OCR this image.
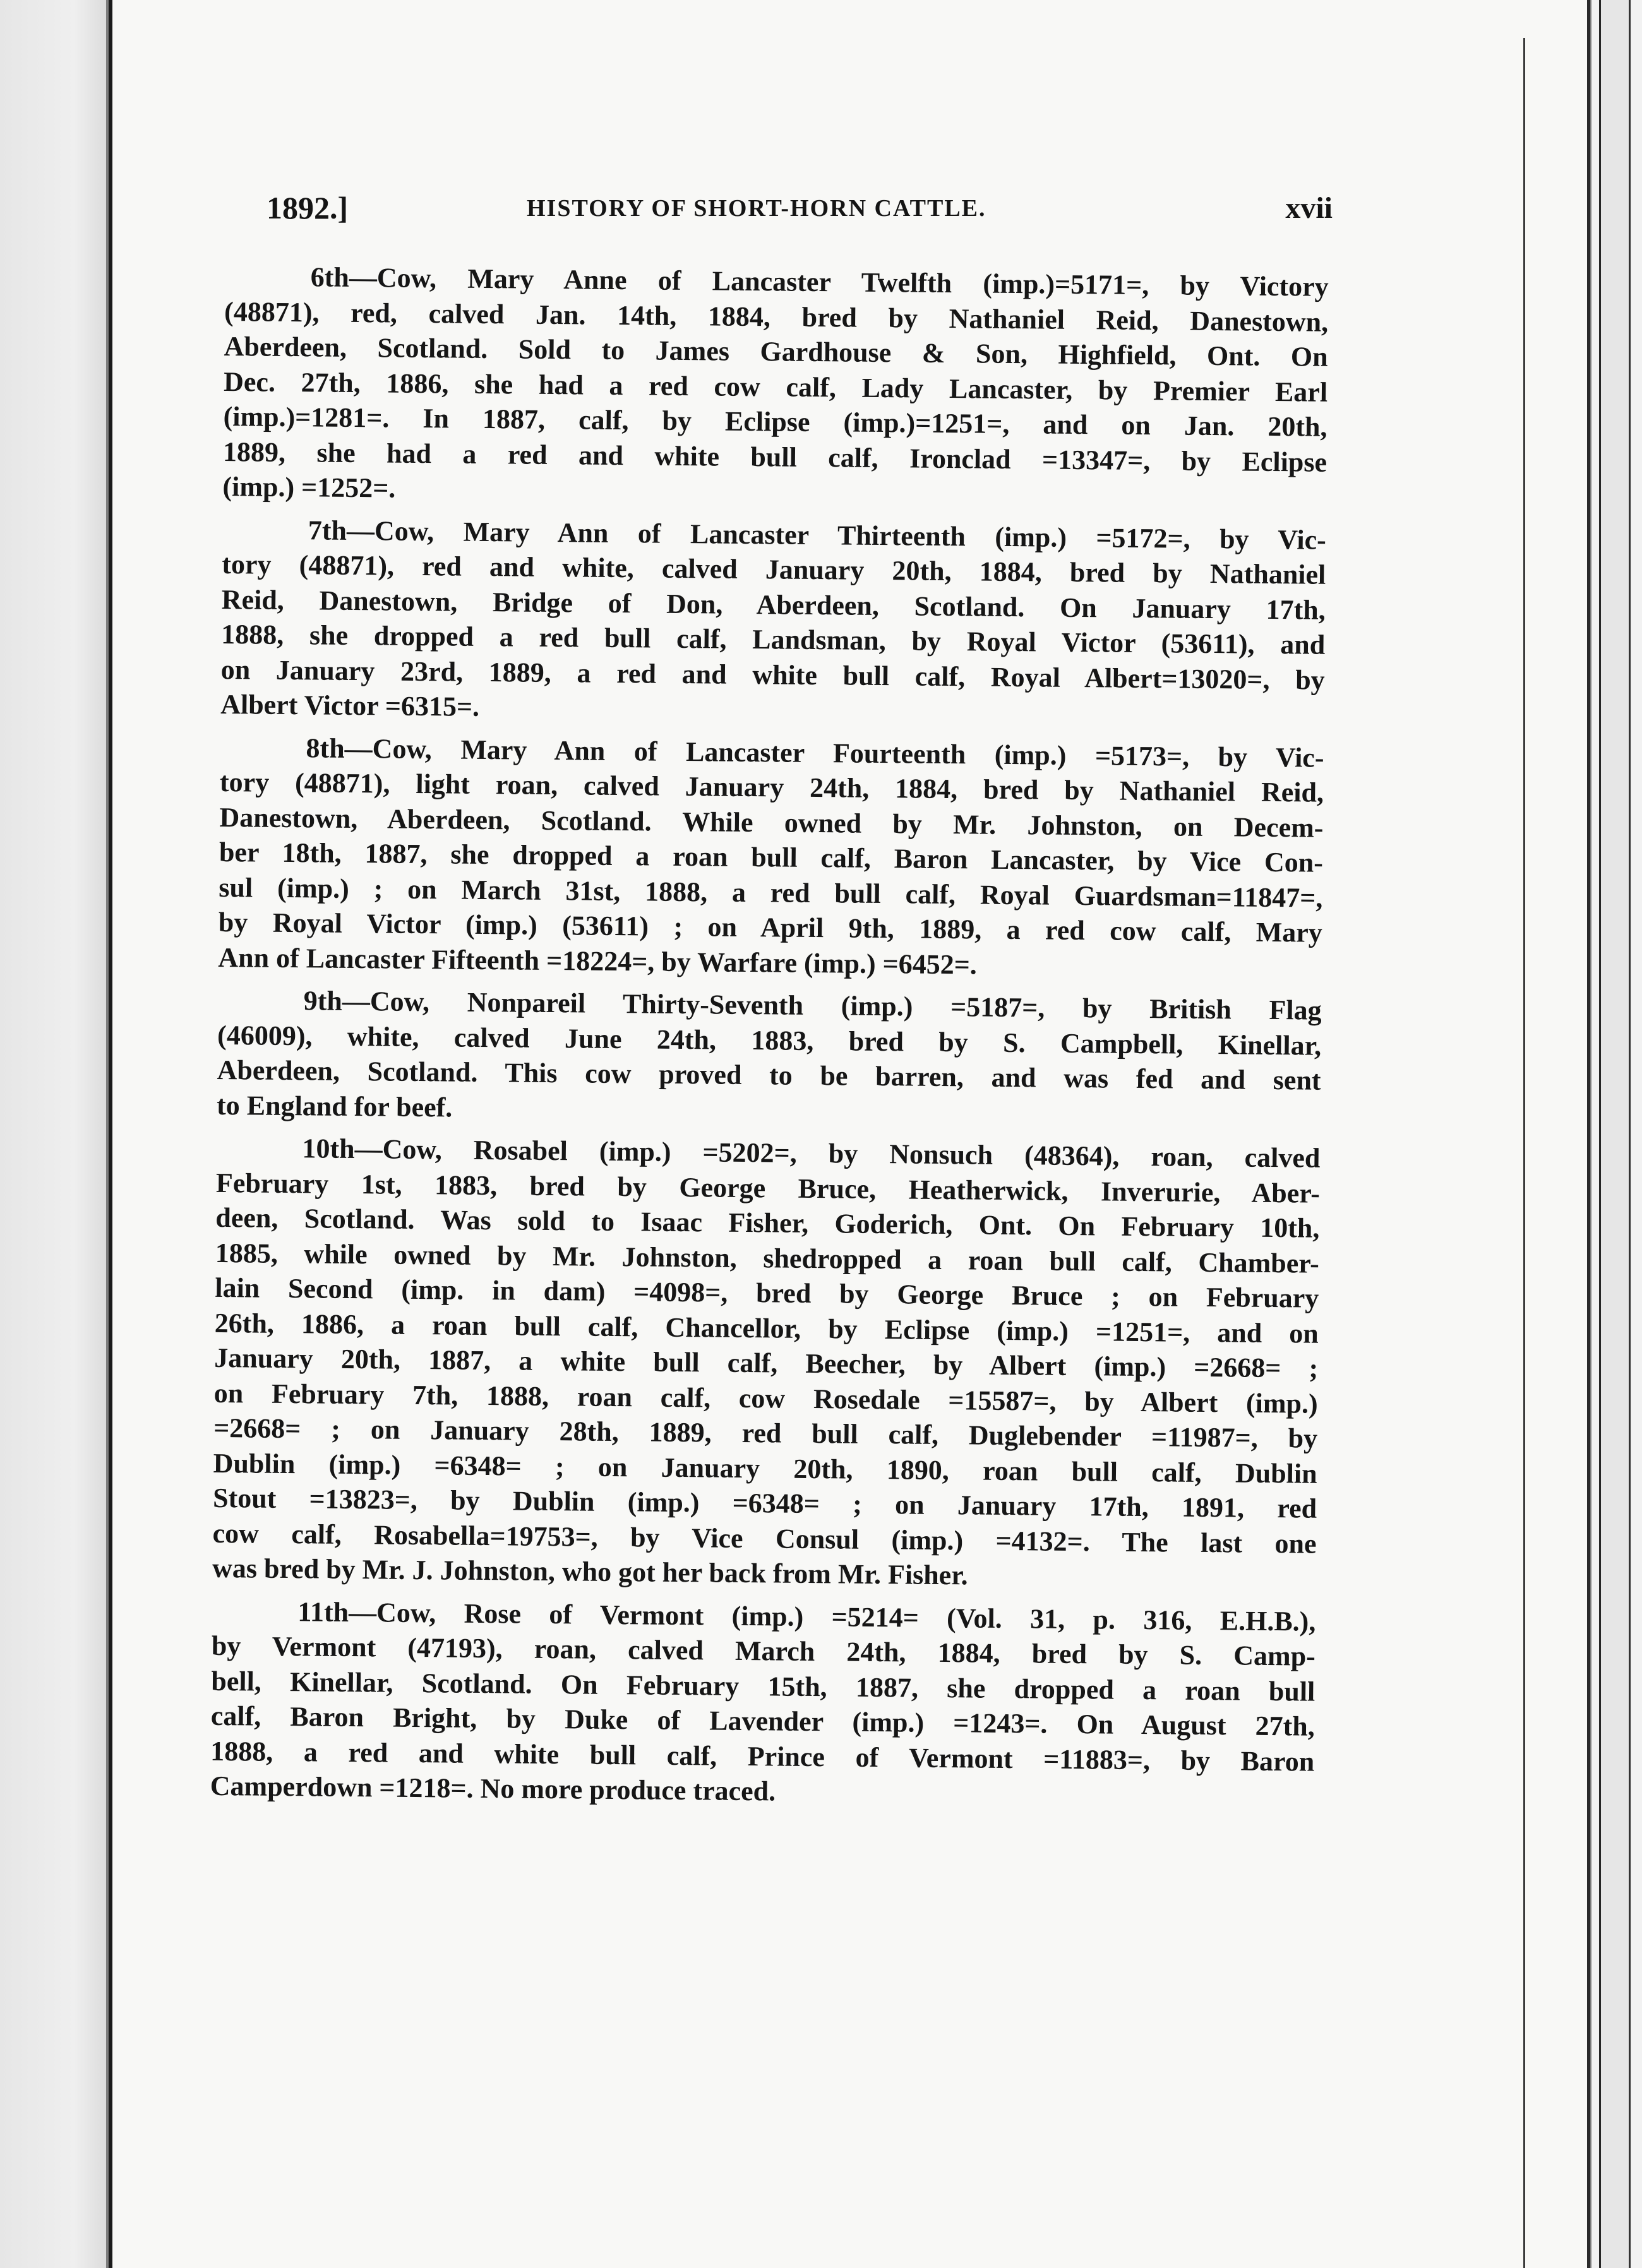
1892.]	HISTORY OF SHORT-HORN CATTLE.	xvii
6th—Cow, Mary Anne of Lancaster Twelfth (imp.)=5171=, by Victory
(48871), red, calved Jan. 14th, 1884, bred by Nathaniel Reid, Danestown,
Aberdeen, Scotland. Sold to James Gardhouse & Son, Highfield, Ont. On
Dec. 27th, 1886, she had a red cow calf, Lady Lancaster, by Premier Earl
(imp.)=1281=. In 1887, calf, by Eclipse (imp.)=1251=, and on Jan. 20th,
1889, she had a red and white bull calf, Ironclad =13347=, by Eclipse
(imp.) =1252=.
7th—Cow, Mary Ann of Lancaster Thirteenth (imp.) =5172=, by Vic-
tory (48871), red and white, calved January 20th, 1884, bred by Nathaniel
Reid, Danestown, Bridge of Don, Aberdeen, Scotland. On January 17th,
1888, she dropped a red bull calf, Landsman, by Royal Victor (53611), and
on January 23rd, 1889, a red and white bull calf, Royal Albert=13020=, by
Albert Victor =6315=.
8th—Cow, Mary Ann of Lancaster Fourteenth (imp.) =5173=, by Vic-
tory (48871), light roan, calved January 24th, 1884, bred by Nathaniel Reid,
Danestown, Aberdeen, Scotland. While owned by Mr. Johnston, on Decem-
ber 18th, 1887, she dropped a roan bull calf, Baron Lancaster, by Vice Con-
sul (imp.) ; on March 31st, 1888, a red bull calf, Royal Guardsman=11847=,
by Royal Victor (imp.) (53611) ; on April 9th, 1889, a red cow calf, Mary
Ann of Lancaster Fifteenth =18224=, by Warfare (imp.) =6452=.
9th—Cow, Nonpareil Thirty-Seventh (imp.) =5187=, by British Flag
(46009), white, calved June 24th, 1883, bred by S. Campbell, Kinellar,
Aberdeen, Scotland. This cow proved to be barren, and was fed and sent
to England for beef.
10th—Cow, Rosabel (imp.) =5202=, by Nonsuch (48364), roan, calved
February 1st, 1883, bred by George Bruce, Heatherwick, Inverurie, Aber-
deen, Scotland. Was sold to Isaac Fisher, Goderich, Ont. On February 10th,
1885, while owned by Mr. Johnston, shedropped a roan bull calf, Chamber-
lain Second (imp. in dam) =4098=, bred by George Bruce ; on February
26th, 1886, a roan bull calf, Chancellor, by Eclipse (imp.) =1251=, and on
January 20th, 1887, a white bull calf, Beecher, by Albert (imp.) =2668= ;
on February 7th, 1888, roan calf, cow Rosedale =15587=, by Albert (imp.)
=2668= ; on January 28th, 1889, red bull calf, Duglebender =11987=, by
Dublin (imp.) =6348= ; on January 20th, 1890, roan bull calf, Dublin
Stout =13823=, by Dublin (imp.) =6348= ; on January 17th, 1891, red
cow calf, Rosabella=19753=, by Vice Consul (imp.) =4132=. The last one
was bred by Mr. J. Johnston, who got her back from Mr. Fisher.
11th—Cow, Rose of Vermont (imp.) =5214= (Vol. 31, p. 316, E.H.B.),
by Vermont (47193), roan, calved March 24th, 1884, bred by S. Camp-
bell, Kinellar, Scotland. On February 15th, 1887, she dropped a roan bull
calf, Baron Bright, by Duke of Lavender (imp.) =1243=. On August 27th,
1888, a red and white bull calf, Prince of Vermont =11883=, by Baron
Camperdown =1218=. No more produce traced.
